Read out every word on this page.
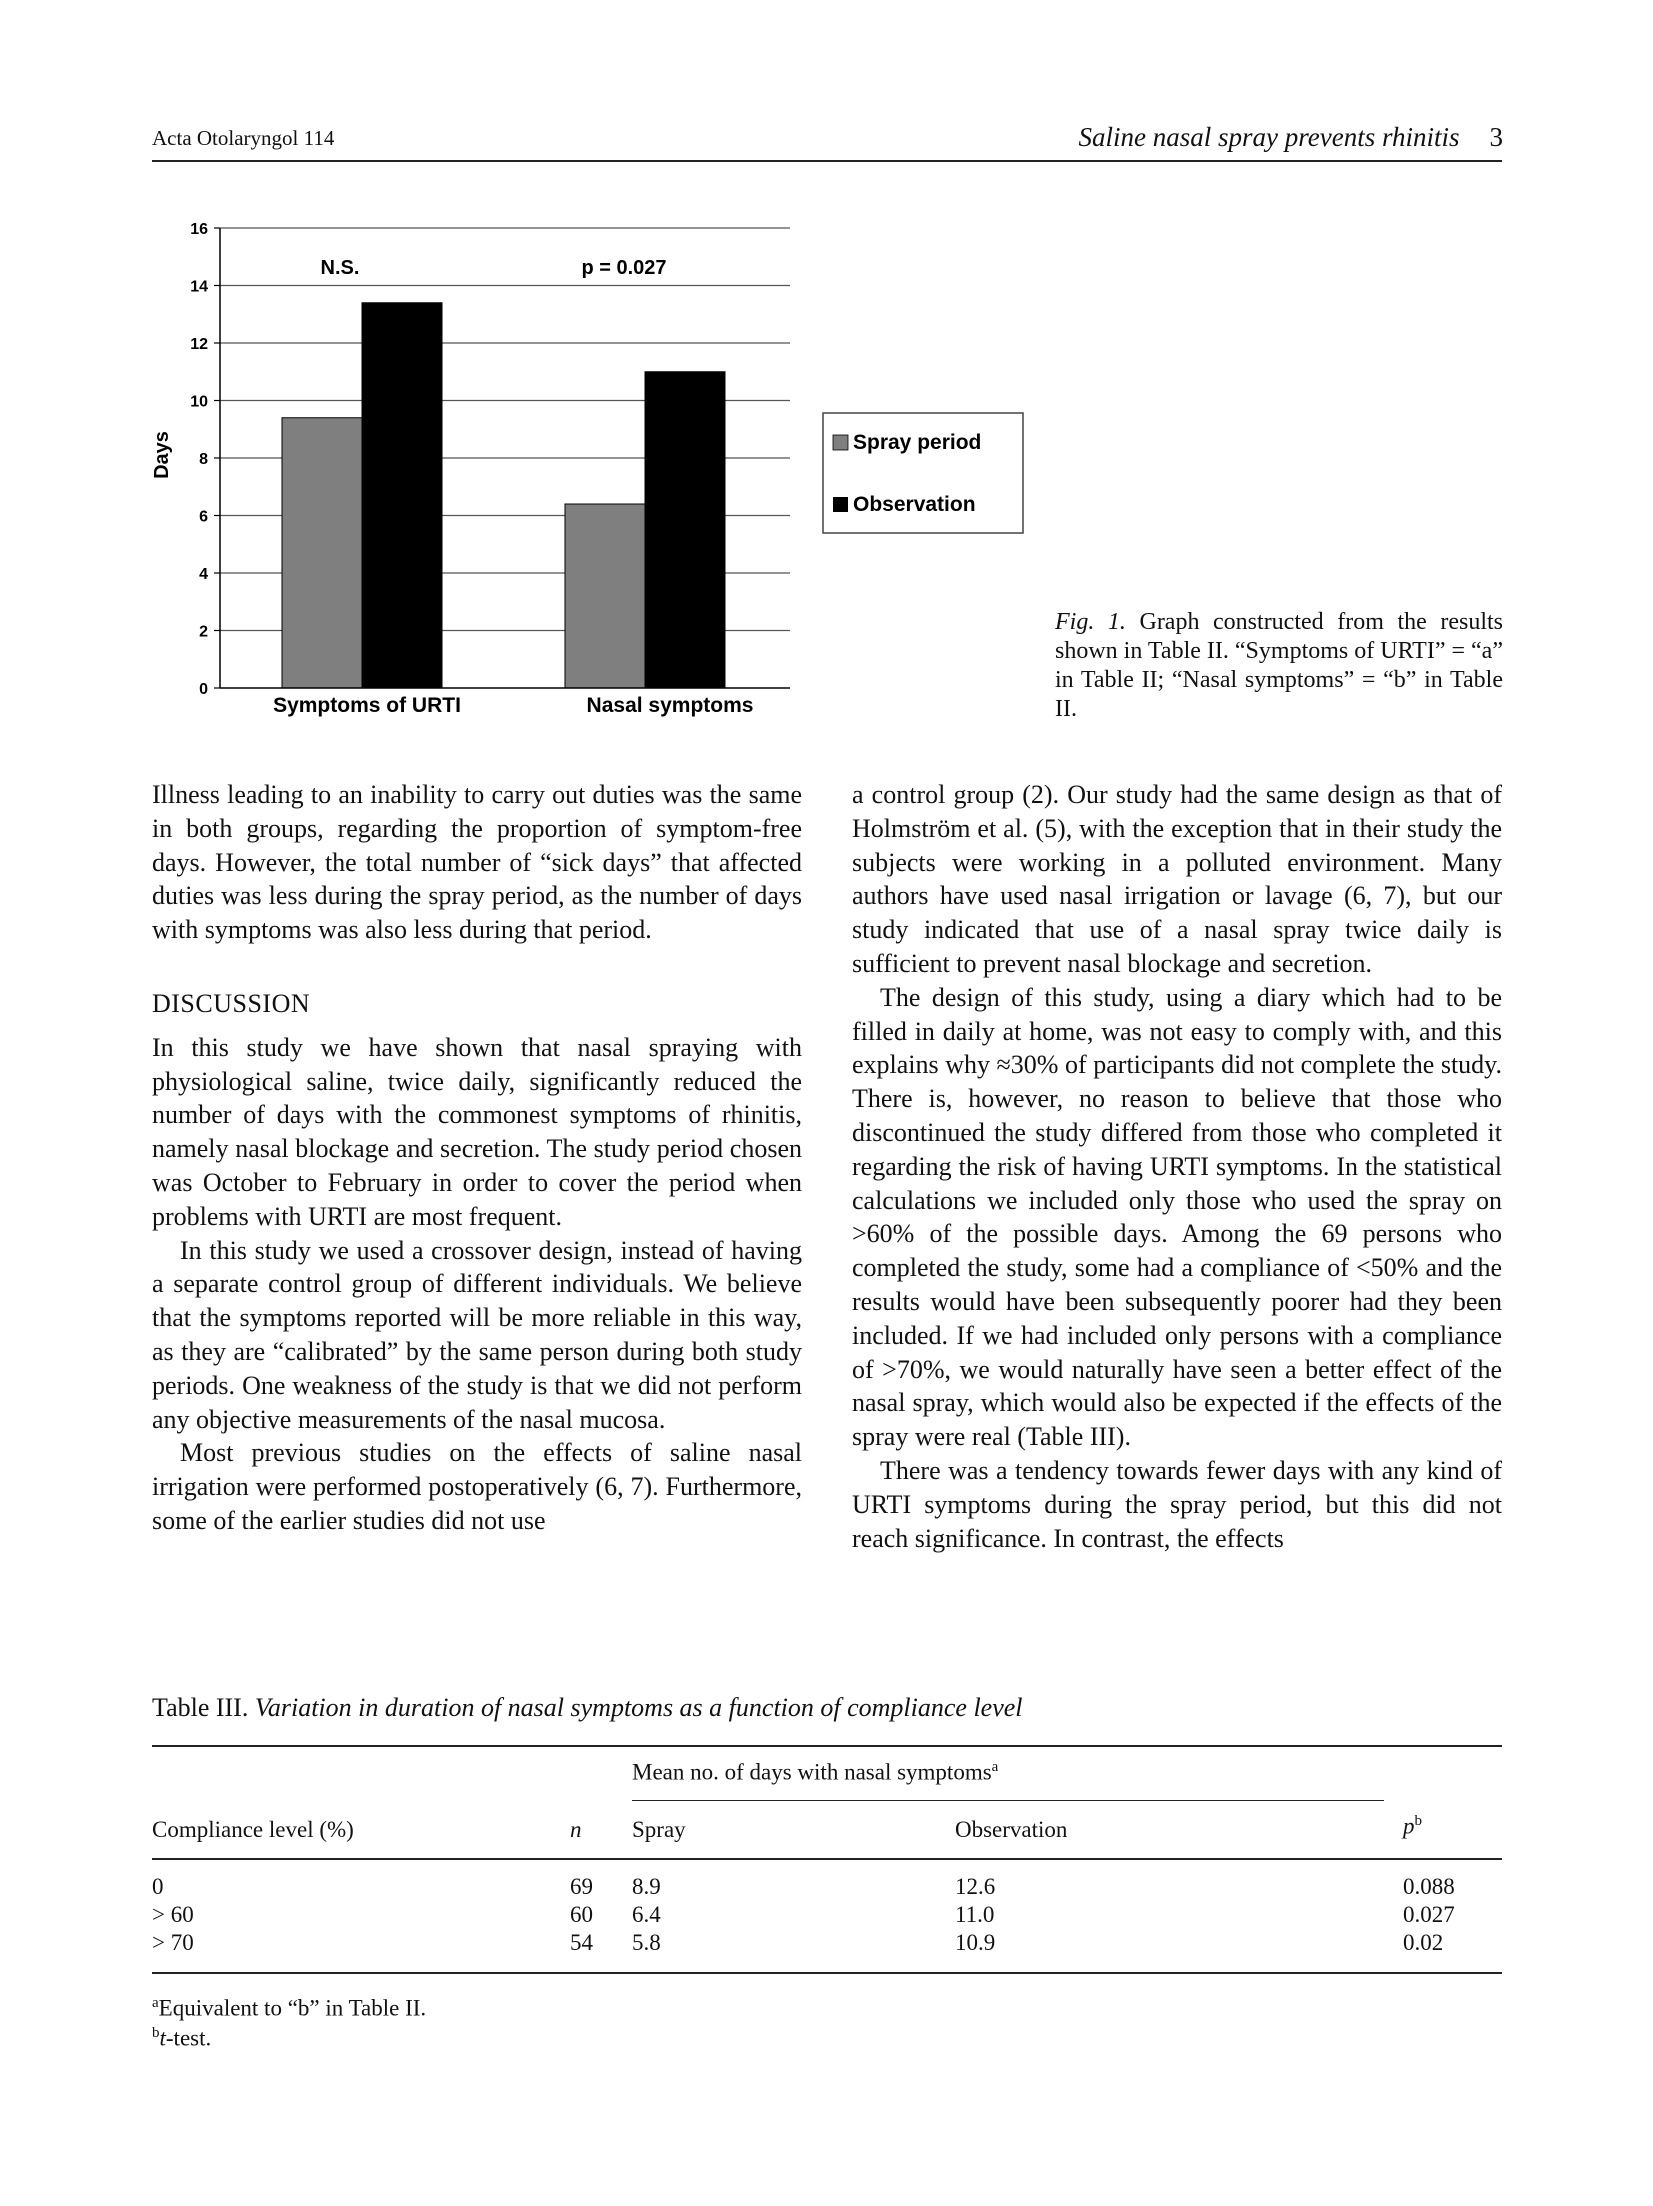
Acta Otolaryngol 114	Saline nasal spray prevents rhinitis 3
0
2
4
6
8
10
12
14
16
Days
Symptoms of URTI	Nasal symptoms
N.S.	p = 0.027
Spray period
Observation
Fig. 1. Graph constructed from the results shown in Table II. “Symptoms of URTI” = “a” in Table II; “Nasal symptoms” = “b” in Table II.

Illness leading to an inability to carry out duties was the same in both groups, regarding the proportion of symptom-free days. However, the total number of “sick days” that affected duties was less during the spray period, as the number of days with symptoms was also less during that period.

DISCUSSION

In this study we have shown that nasal spraying with physiological saline, twice daily, significantly reduced the number of days with the commonest symptoms of rhinitis, namely nasal blockage and secretion. The study period chosen was October to February in order to cover the period when problems with URTI are most frequent.

In this study we used a crossover design, instead of having a separate control group of different individuals. We believe that the symptoms reported will be more reliable in this way, as they are “calibrated” by the same person during both study periods. One weakness of the study is that we did not perform any objective measurements of the nasal mucosa.

Most previous studies on the effects of saline nasal irrigation were performed postoperatively (6, 7). Furthermore, some of the earlier studies did not use

a control group (2). Our study had the same design as that of Holmström et al. (5), with the exception that in their study the subjects were working in a polluted environment. Many authors have used nasal irrigation or lavage (6, 7), but our study indicated that use of a nasal spray twice daily is sufficient to prevent nasal blockage and secretion.

The design of this study, using a diary which had to be filled in daily at home, was not easy to comply with, and this explains why ≈30% of participants did not complete the study. There is, however, no reason to believe that those who discontinued the study differed from those who completed it regarding the risk of having URTI symptoms. In the statistical calculations we included only those who used the spray on >60% of the possible days. Among the 69 persons who completed the study, some had a compliance of <50% and the results would have been subsequently poorer had they been included. If we had included only persons with a compliance of >70%, we would naturally have seen a better effect of the nasal spray, which would also be expected if the effects of the spray were real (Table III).

There was a tendency towards fewer days with any kind of URTI symptoms during the spray period, but this did not reach significance. In contrast, the effects

Table III. Variation in duration of nasal symptoms as a function of compliance level
Mean no. of days with nasal symptoms$^a$
Compliance level (%)	n Spray	Observation	$p^b$
0	69 8.9	12.6	0.088
> 60	60 6.4	11.0	0.027
> 70	54 5.8	10.9	0.02
$^a$Equivalent to “b” in Table II.
$^b$t-test.
